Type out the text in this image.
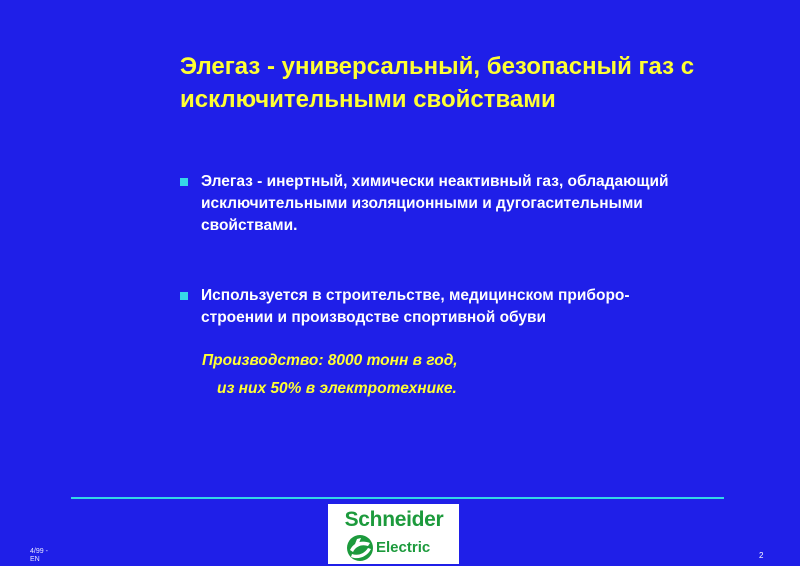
Элегаз - универсальный, безопасный газ с
исключительными свойствами
Элегаз - инертный, химически неактивный газ, обладающий
исключительными изоляционными и дугогасительными
свойствами.
Используется в строительстве, медицинском приборо-
строении и производстве спортивной обуви
Производство: 8000 тонн в год,
из них 50% в электротехнике.
Schneider
Electric
4/99 -
EN	2
